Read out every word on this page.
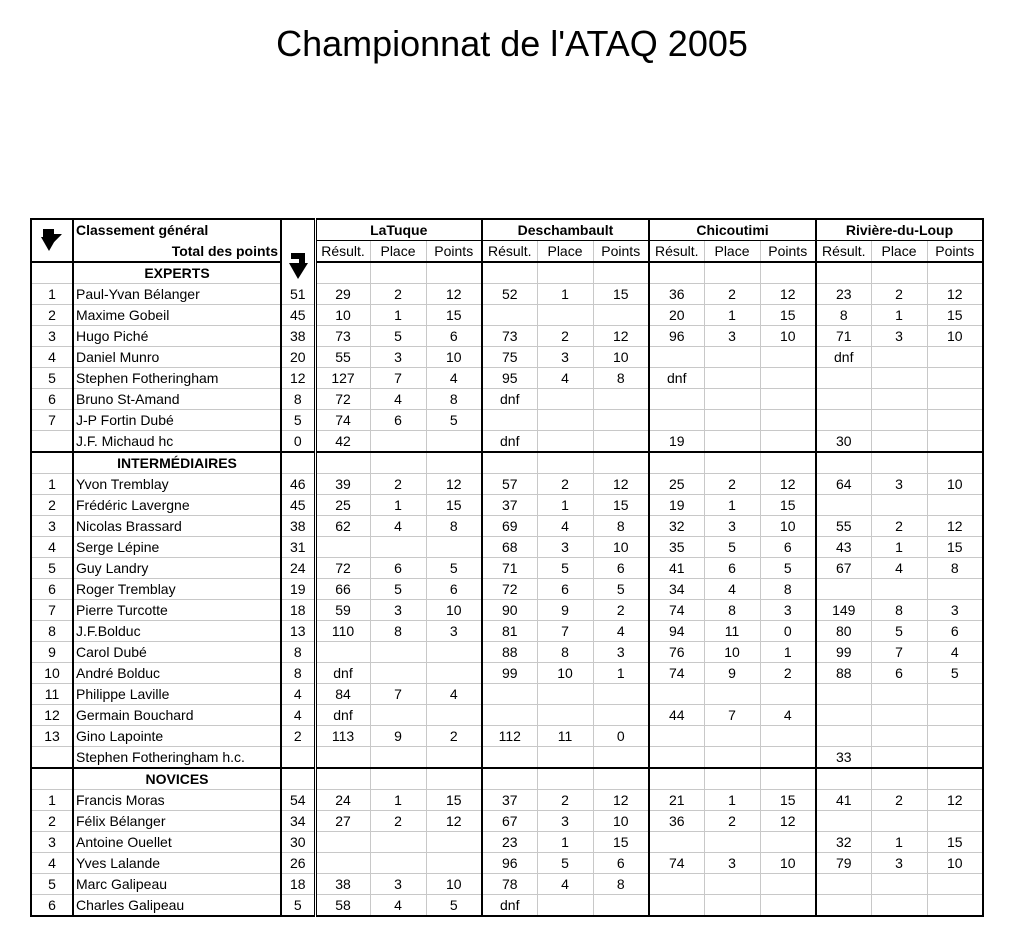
Championnat de l'ATAQ 2005
	Classement général		LaTuque			Deschambault			Chicoutimi			Rivière-du-Loup		
	Total des points		Résult.	Place	Points	Résult.	Place	Points	Résult.	Place	Points	Résult.	Place	Points
	EXPERTS													
1	Paul-Yvan Bélanger	51	29	2	12	52	1	15	36	2	12	23	2	12
2	Maxime Gobeil	45	10	1	15				20	1	15	8	1	15
3	Hugo Piché	38	73	5	6	73	2	12	96	3	10	71	3	10
4	Daniel Munro	20	55	3	10	75	3	10				dnf		
5	Stephen Fotheringham	12	127	7	4	95	4	8	dnf					
6	Bruno St-Amand	8	72	4	8	dnf								
7	J-P Fortin Dubé	5	74	6	5									
	J.F. Michaud hc	0	42			dnf			19			30		
	INTERMÉDIAIRES													
1	Yvon Tremblay	46	39	2	12	57	2	12	25	2	12	64	3	10
2	Frédéric Lavergne	45	25	1	15	37	1	15	19	1	15			
3	Nicolas Brassard	38	62	4	8	69	4	8	32	3	10	55	2	12
4	Serge Lépine	31				68	3	10	35	5	6	43	1	15
5	Guy Landry	24	72	6	5	71	5	6	41	6	5	67	4	8
6	Roger Tremblay	19	66	5	6	72	6	5	34	4	8			
7	Pierre Turcotte	18	59	3	10	90	9	2	74	8	3	149	8	3
8	J.F.Bolduc	13	110	8	3	81	7	4	94	11	0	80	5	6
9	Carol Dubé	8				88	8	3	76	10	1	99	7	4
10	André Bolduc	8	dnf			99	10	1	74	9	2	88	6	5
11	Philippe Laville	4	84	7	4									
12	Germain Bouchard	4	dnf						44	7	4			
13	Gino Lapointe	2	113	9	2	112	11	0						
	Stephen Fotheringham h.c.											33		
	NOVICES													
1	Francis Moras	54	24	1	15	37	2	12	21	1	15	41	2	12
2	Félix Bélanger	34	27	2	12	67	3	10	36	2	12			
3	Antoine Ouellet	30				23	1	15				32	1	15
4	Yves Lalande	26				96	5	6	74	3	10	79	3	10
5	Marc Galipeau	18	38	3	10	78	4	8						
6	Charles Galipeau	5	58	4	5	dnf								
